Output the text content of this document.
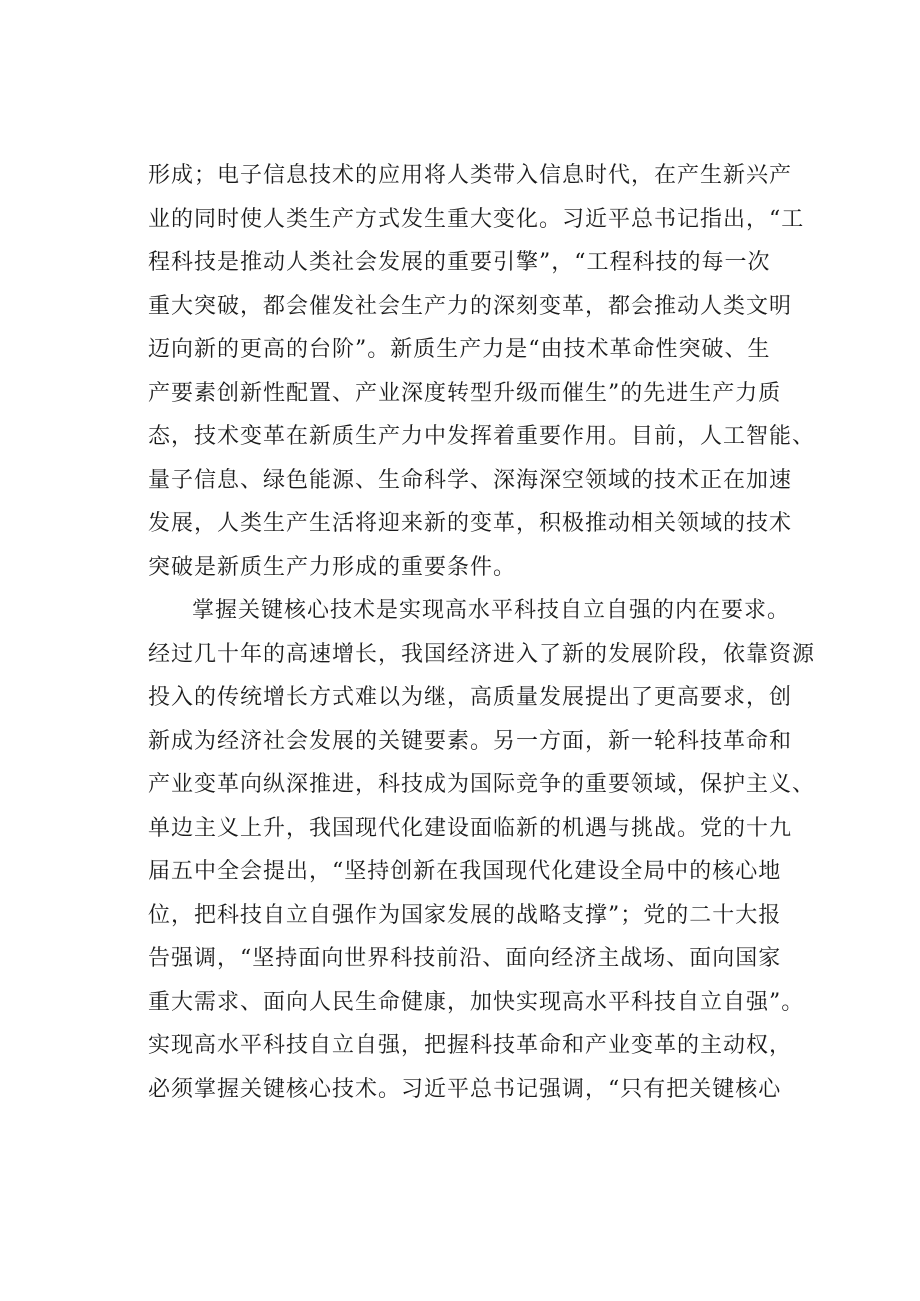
形成；电子信息技术的应用将人类带入信息时代，在产生新兴产
业的同时使人类生产方式发生重大变化。习近平总书记指出，“工
程科技是推动人类社会发展的重要引擎”，“工程科技的每一次
重大突破，都会催发社会生产力的深刻变革，都会推动人类文明
迈向新的更高的台阶”。新质生产力是“由技术革命性突破、生
产要素创新性配置、产业深度转型升级而催生”的先进生产力质
态，技术变革在新质生产力中发挥着重要作用。目前，人工智能、
量子信息、绿色能源、生命科学、深海深空领域的技术正在加速
发展，人类生产生活将迎来新的变革，积极推动相关领域的技术
突破是新质生产力形成的重要条件。
掌握关键核心技术是实现高水平科技自立自强的内在要求。
经过几十年的高速增长，我国经济进入了新的发展阶段，依靠资源
投入的传统增长方式难以为继，高质量发展提出了更高要求，创
新成为经济社会发展的关键要素。另一方面，新一轮科技革命和
产业变革向纵深推进，科技成为国际竞争的重要领域，保护主义、
单边主义上升，我国现代化建设面临新的机遇与挑战。党的十九
届五中全会提出，“坚持创新在我国现代化建设全局中的核心地
位，把科技自立自强作为国家发展的战略支撑”；党的二十大报
告强调，“坚持面向世界科技前沿、面向经济主战场、面向国家
重大需求、面向人民生命健康，加快实现高水平科技自立自强”。
实现高水平科技自立自强，把握科技革命和产业变革的主动权，
必须掌握关键核心技术。习近平总书记强调，“只有把关键核心
